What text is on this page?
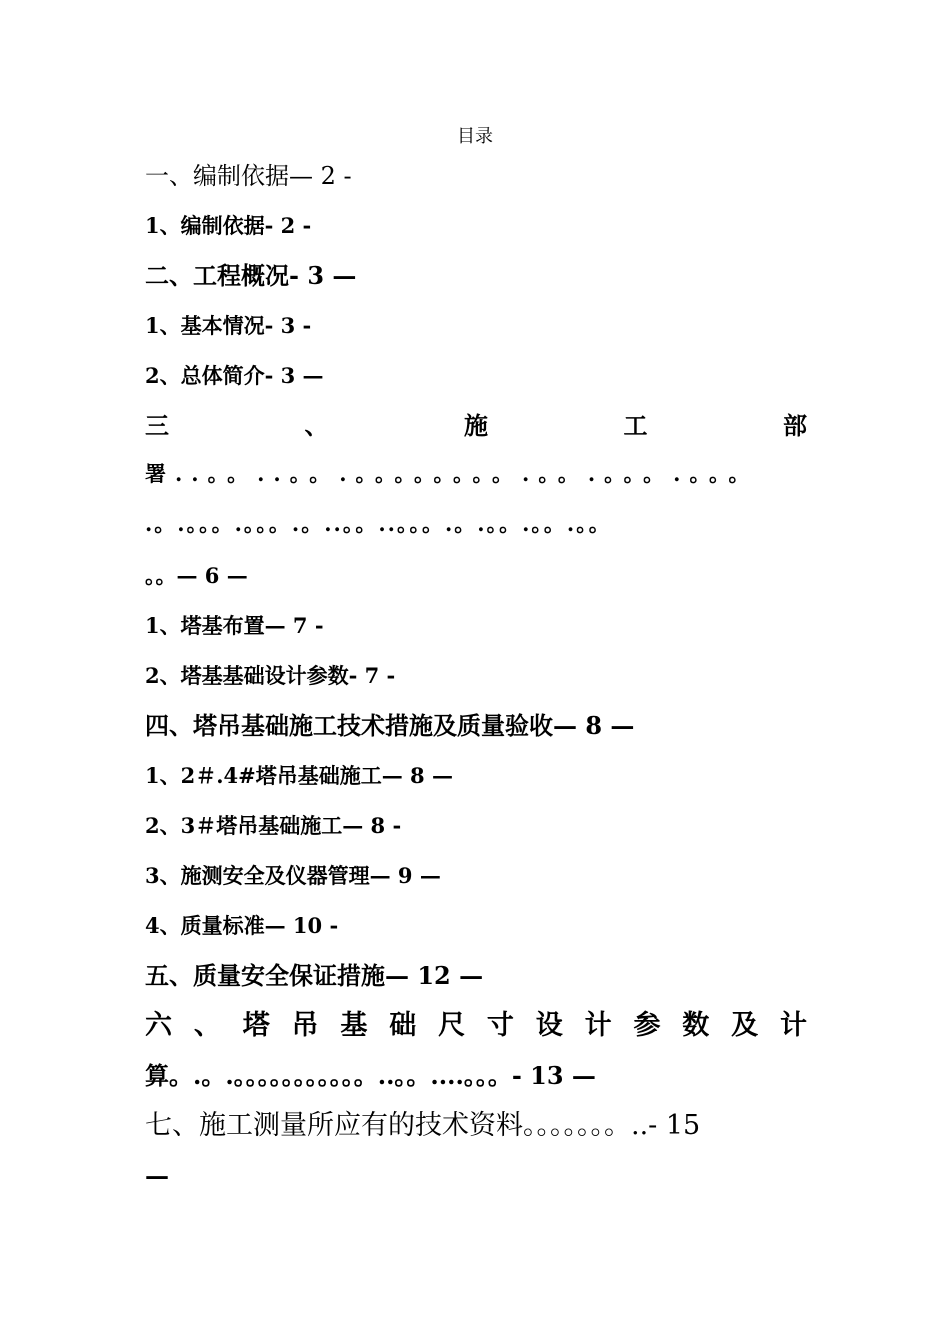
目录
一、编制依据— 2 -
1、编制依据- 2 -
二、工程概况- 3 —
1、基本情况- 3 -
2、总体简介- 3 —
三	、	施	工	部
署..。。..。。.。。。。。。。。.。。.。。。.。。。
.。.。。。.。。。.。..。。..。。。.。.。。.。。.。。
。。— 6 —
1、塔基布置— 7 -
2、塔基基础设计参数- 7 -
四、塔吊基础施工技术措施及质量验收— 8 —
1、2＃.4#塔吊基础施工— 8 —
2、3＃塔吊基础施工— 8 -
3、施测安全及仪器管理— 9 —
4、质量标准— 10 -
五、质量安全保证措施— 12 —
六 、 塔 吊 基 础 尺 寸 设 计 参 数 及 计
算。.。.。。。。。。。。。。。..。。....。。。- 13 —
七、施工测量所应有的技术资料。。。。。。。..- 15
—
